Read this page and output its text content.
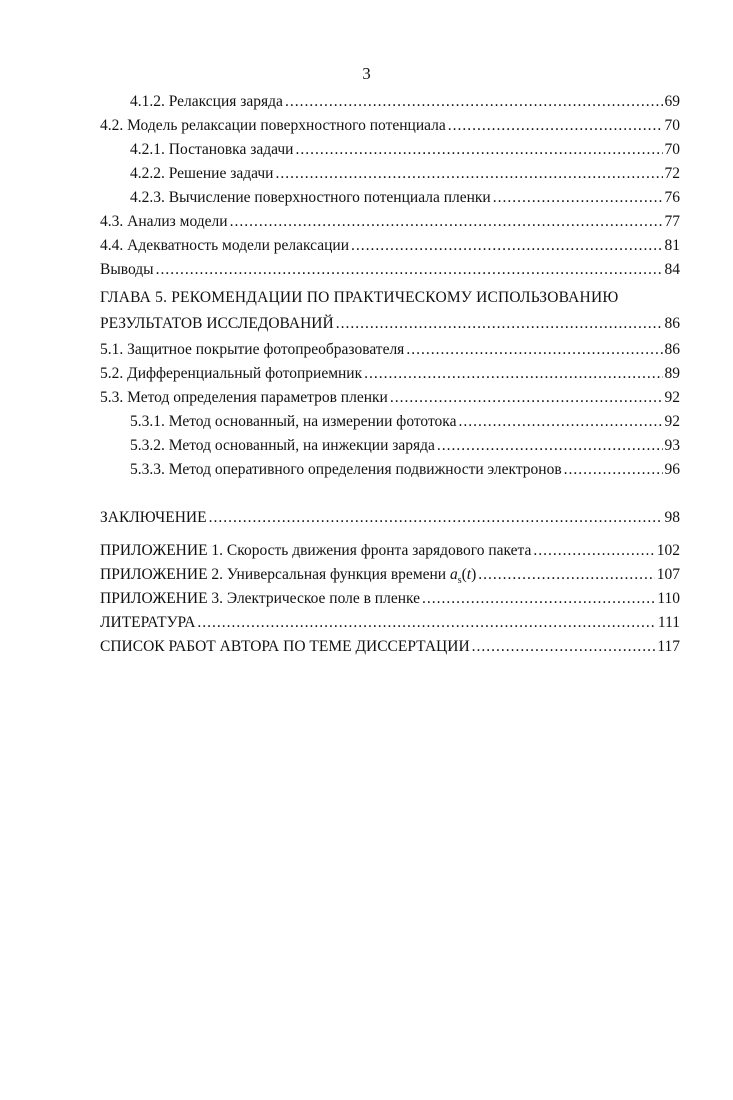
3
4.1.2. Релаксция заряда .....	69
4.2. Модель релаксации поверхностного потенциала .....	70
4.2.1. Постановка задачи .....	70
4.2.2. Решение задачи .....	72
4.2.3. Вычисление поверхностного потенциала пленки .....	76
4.3. Анализ модели .....	77
4.4. Адекватность модели релаксации .....	81
Выводы .....	84
ГЛАВА 5. РЕКОМЕНДАЦИИ ПО ПРАКТИЧЕСКОМУ ИСПОЛЬЗОВАНИЮ
РЕЗУЛЬТАТОВ ИССЛЕДОВАНИЙ .....	86
5.1. Защитное покрытие фотопреобразователя .....	86
5.2. Дифференциальный фотоприемник .....	89
5.3. Метод определения параметров пленки .....	92
5.3.1. Метод основанный, на измерении фототока .....	92
5.3.2. Метод основанный, на инжекции заряда .....	93
5.3.3. Метод оперативного определения подвижности электронов .....	96
ЗАКЛЮЧЕНИЕ .....	98
ПРИЛОЖЕНИЕ 1. Скорость движения фронта зарядового пакета .....	102
ПРИЛОЖЕНИЕ 2. Универсальная функция времени $a_s(t)$ .....	107
ПРИЛОЖЕНИЕ 3. Электрическое поле в пленке .....	110
ЛИТЕРАТУРА .....	111
СПИСОК РАБОТ АВТОРА ПО ТЕМЕ ДИССЕРТАЦИИ .....	117
